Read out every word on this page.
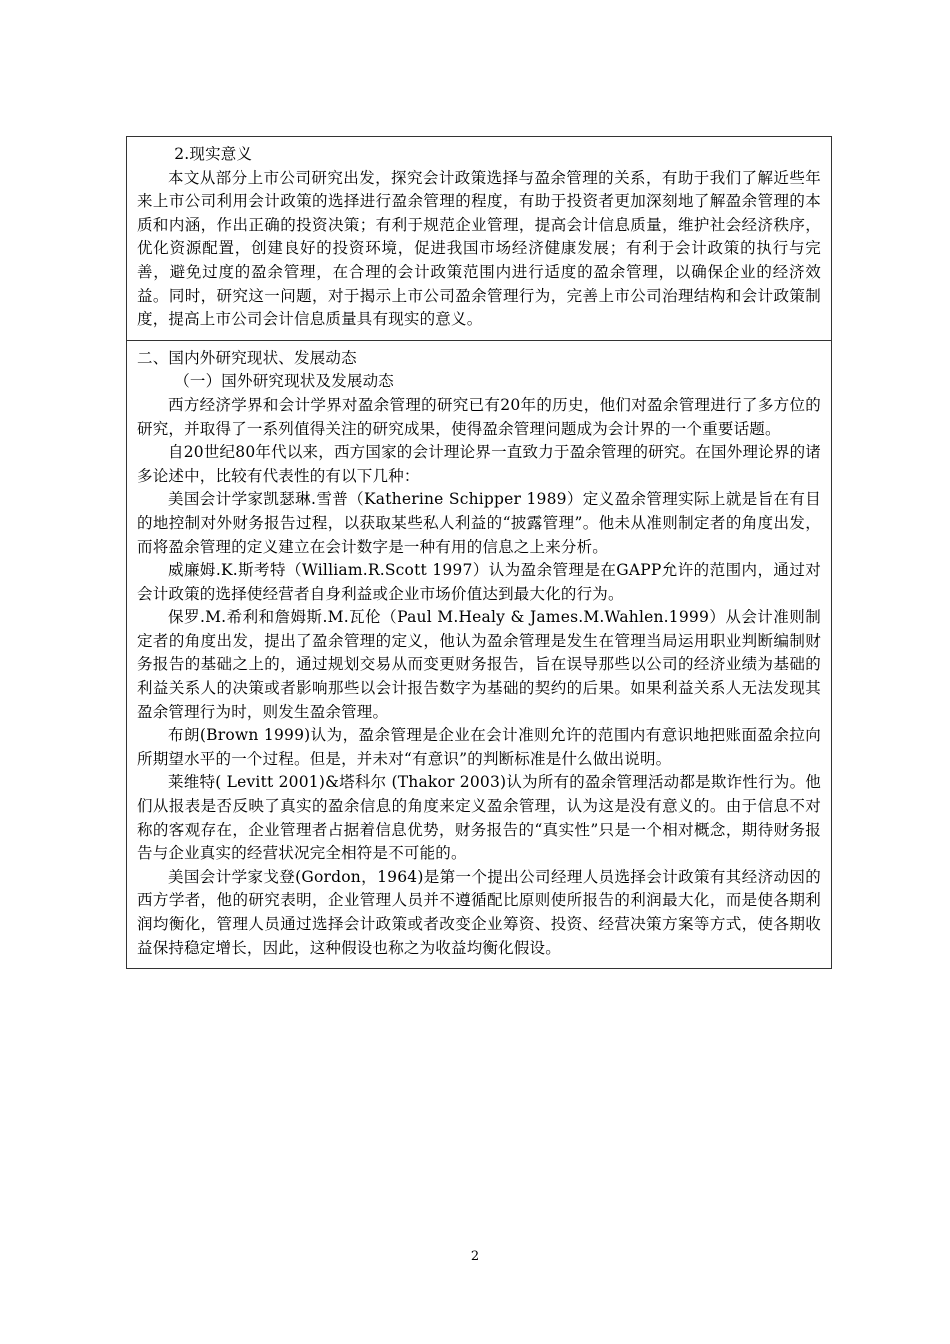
2.现实意义

本文从部分上市公司研究出发，探究会计政策选择与盈余管理的关系，有助于我们了解近些年来上市公司利用会计政策的选择进行盈余管理的程度，有助于投资者更加深刻地了解盈余管理的本质和内涵，作出正确的投资决策；有利于规范企业管理，提高会计信息质量，维护社会经济秩序，优化资源配置，创建良好的投资环境，促进我国市场经济健康发展；有利于会计政策的执行与完善，避免过度的盈余管理，在合理的会计政策范围内进行适度的盈余管理，以确保企业的经济效益。同时，研究这一问题，对于揭示上市公司盈余管理行为，完善上市公司治理结构和会计政策制度，提高上市公司会计信息质量具有现实的意义。

二、国内外研究现状、发展动态

（一）国外研究现状及发展动态

西方经济学界和会计学界对盈余管理的研究已有20年的历史，他们对盈余管理进行了多方位的研究，并取得了一系列值得关注的研究成果，使得盈余管理问题成为会计界的一个重要话题。

自20世纪80年代以来，西方国家的会计理论界一直致力于盈余管理的研究。在国外理论界的诸多论述中，比较有代表性的有以下几种：

美国会计学家凯瑟琳.雪普（Katherine Schipper 1989）定义盈余管理实际上就是旨在有目的地控制对外财务报告过程，以获取某些私人利益的“披露管理”。他未从准则制定者的角度出发，而将盈余管理的定义建立在会计数字是一种有用的信息之上来分析。

威廉姆.K.斯考特（William.R.Scott 1997）认为盈余管理是在GAPP允许的范围内，通过对会计政策的选择使经营者自身利益或企业市场价值达到最大化的行为。

保罗.M.希利和詹姆斯.M.瓦伦（Paul M.Healy & James.M.Wahlen.1999）从会计准则制定者的角度出发，提出了盈余管理的定义，他认为盈余管理是发生在管理当局运用职业判断编制财务报告的基础之上的，通过规划交易从而变更财务报告，旨在误导那些以公司的经济业绩为基础的利益关系人的决策或者影响那些以会计报告数字为基础的契约的后果。如果利益关系人无法发现其盈余管理行为时，则发生盈余管理。

布朗(Brown 1999)认为，盈余管理是企业在会计准则允许的范围内有意识地把账面盈余拉向所期望水平的一个过程。但是，并未对“有意识”的判断标准是什么做出说明。

莱维特( Levitt 2001)&塔科尔 (Thakor 2003)认为所有的盈余管理活动都是欺诈性行为。他们从报表是否反映了真实的盈余信息的角度来定义盈余管理，认为这是没有意义的。由于信息不对称的客观存在，企业管理者占据着信息优势，财务报告的“真实性”只是一个相对概念，期待财务报告与企业真实的经营状况完全相符是不可能的。

美国会计学家戈登(Gordon，1964)是第一个提出公司经理人员选择会计政策有其经济动因的西方学者，他的研究表明，企业管理人员并不遵循配比原则使所报告的利润最大化，而是使各期利润均衡化，管理人员通过选择会计政策或者改变企业筹资、投资、经营决策方案等方式，使各期收益保持稳定增长，因此，这种假设也称之为收益均衡化假设。

2
